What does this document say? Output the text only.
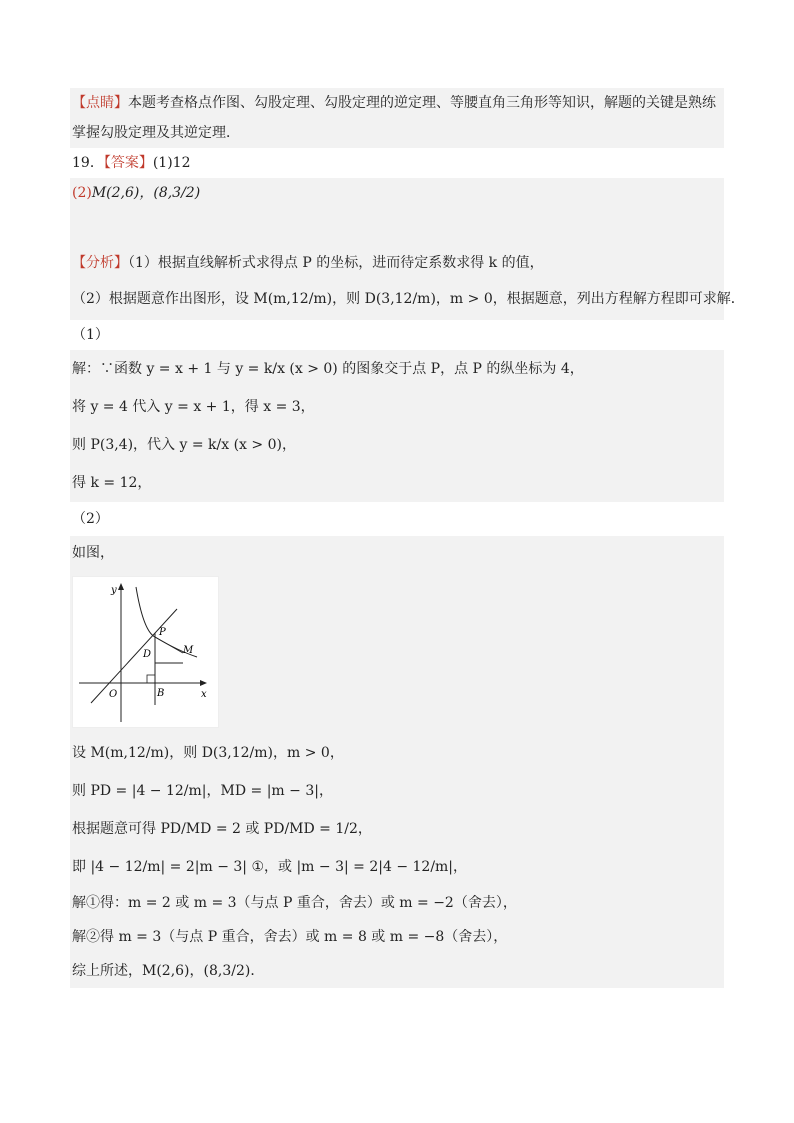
【点睛】本题考查格点作图、勾股定理、勾股定理的逆定理、等腰直角三角形等知识，解题的关键是熟练
掌握勾股定理及其逆定理．
19．【答案】(1)12
(2)M(2,6)，(8,3/2)
【分析】（1）根据直线解析式求得点 P 的坐标，进而待定系数求得 k 的值，
（2）根据题意作出图形，设 M(m,12/m)，则 D(3,12/m)，m > 0，根据题意，列出方程解方程即可求解．
（1）
解：∵函数 y = x + 1 与 y = k/x (x > 0) 的图象交于点 P，点 P 的纵坐标为 4，
将 y = 4 代入 y = x + 1，得 x = 3，
则 P(3,4)，代入 y = k/x (x > 0)，
得 k = 12，
（2）
如图，
y
x
O	B
D
P
M
设 M(m,12/m)，则 D(3,12/m)，m > 0，
则 PD = |4 − 12/m|，MD = |m − 3|，
根据题意可得 PD/MD = 2 或 PD/MD = 1/2，
即 |4 − 12/m| = 2|m − 3| ①，或 |m − 3| = 2|4 − 12/m|，
解①得：m = 2 或 m = 3（与点 P 重合，舍去）或 m = −2（舍去），
解②得 m = 3（与点 P 重合，舍去）或 m = 8 或 m = −8（舍去），
综上所述，M(2,6)，(8,3/2)．
